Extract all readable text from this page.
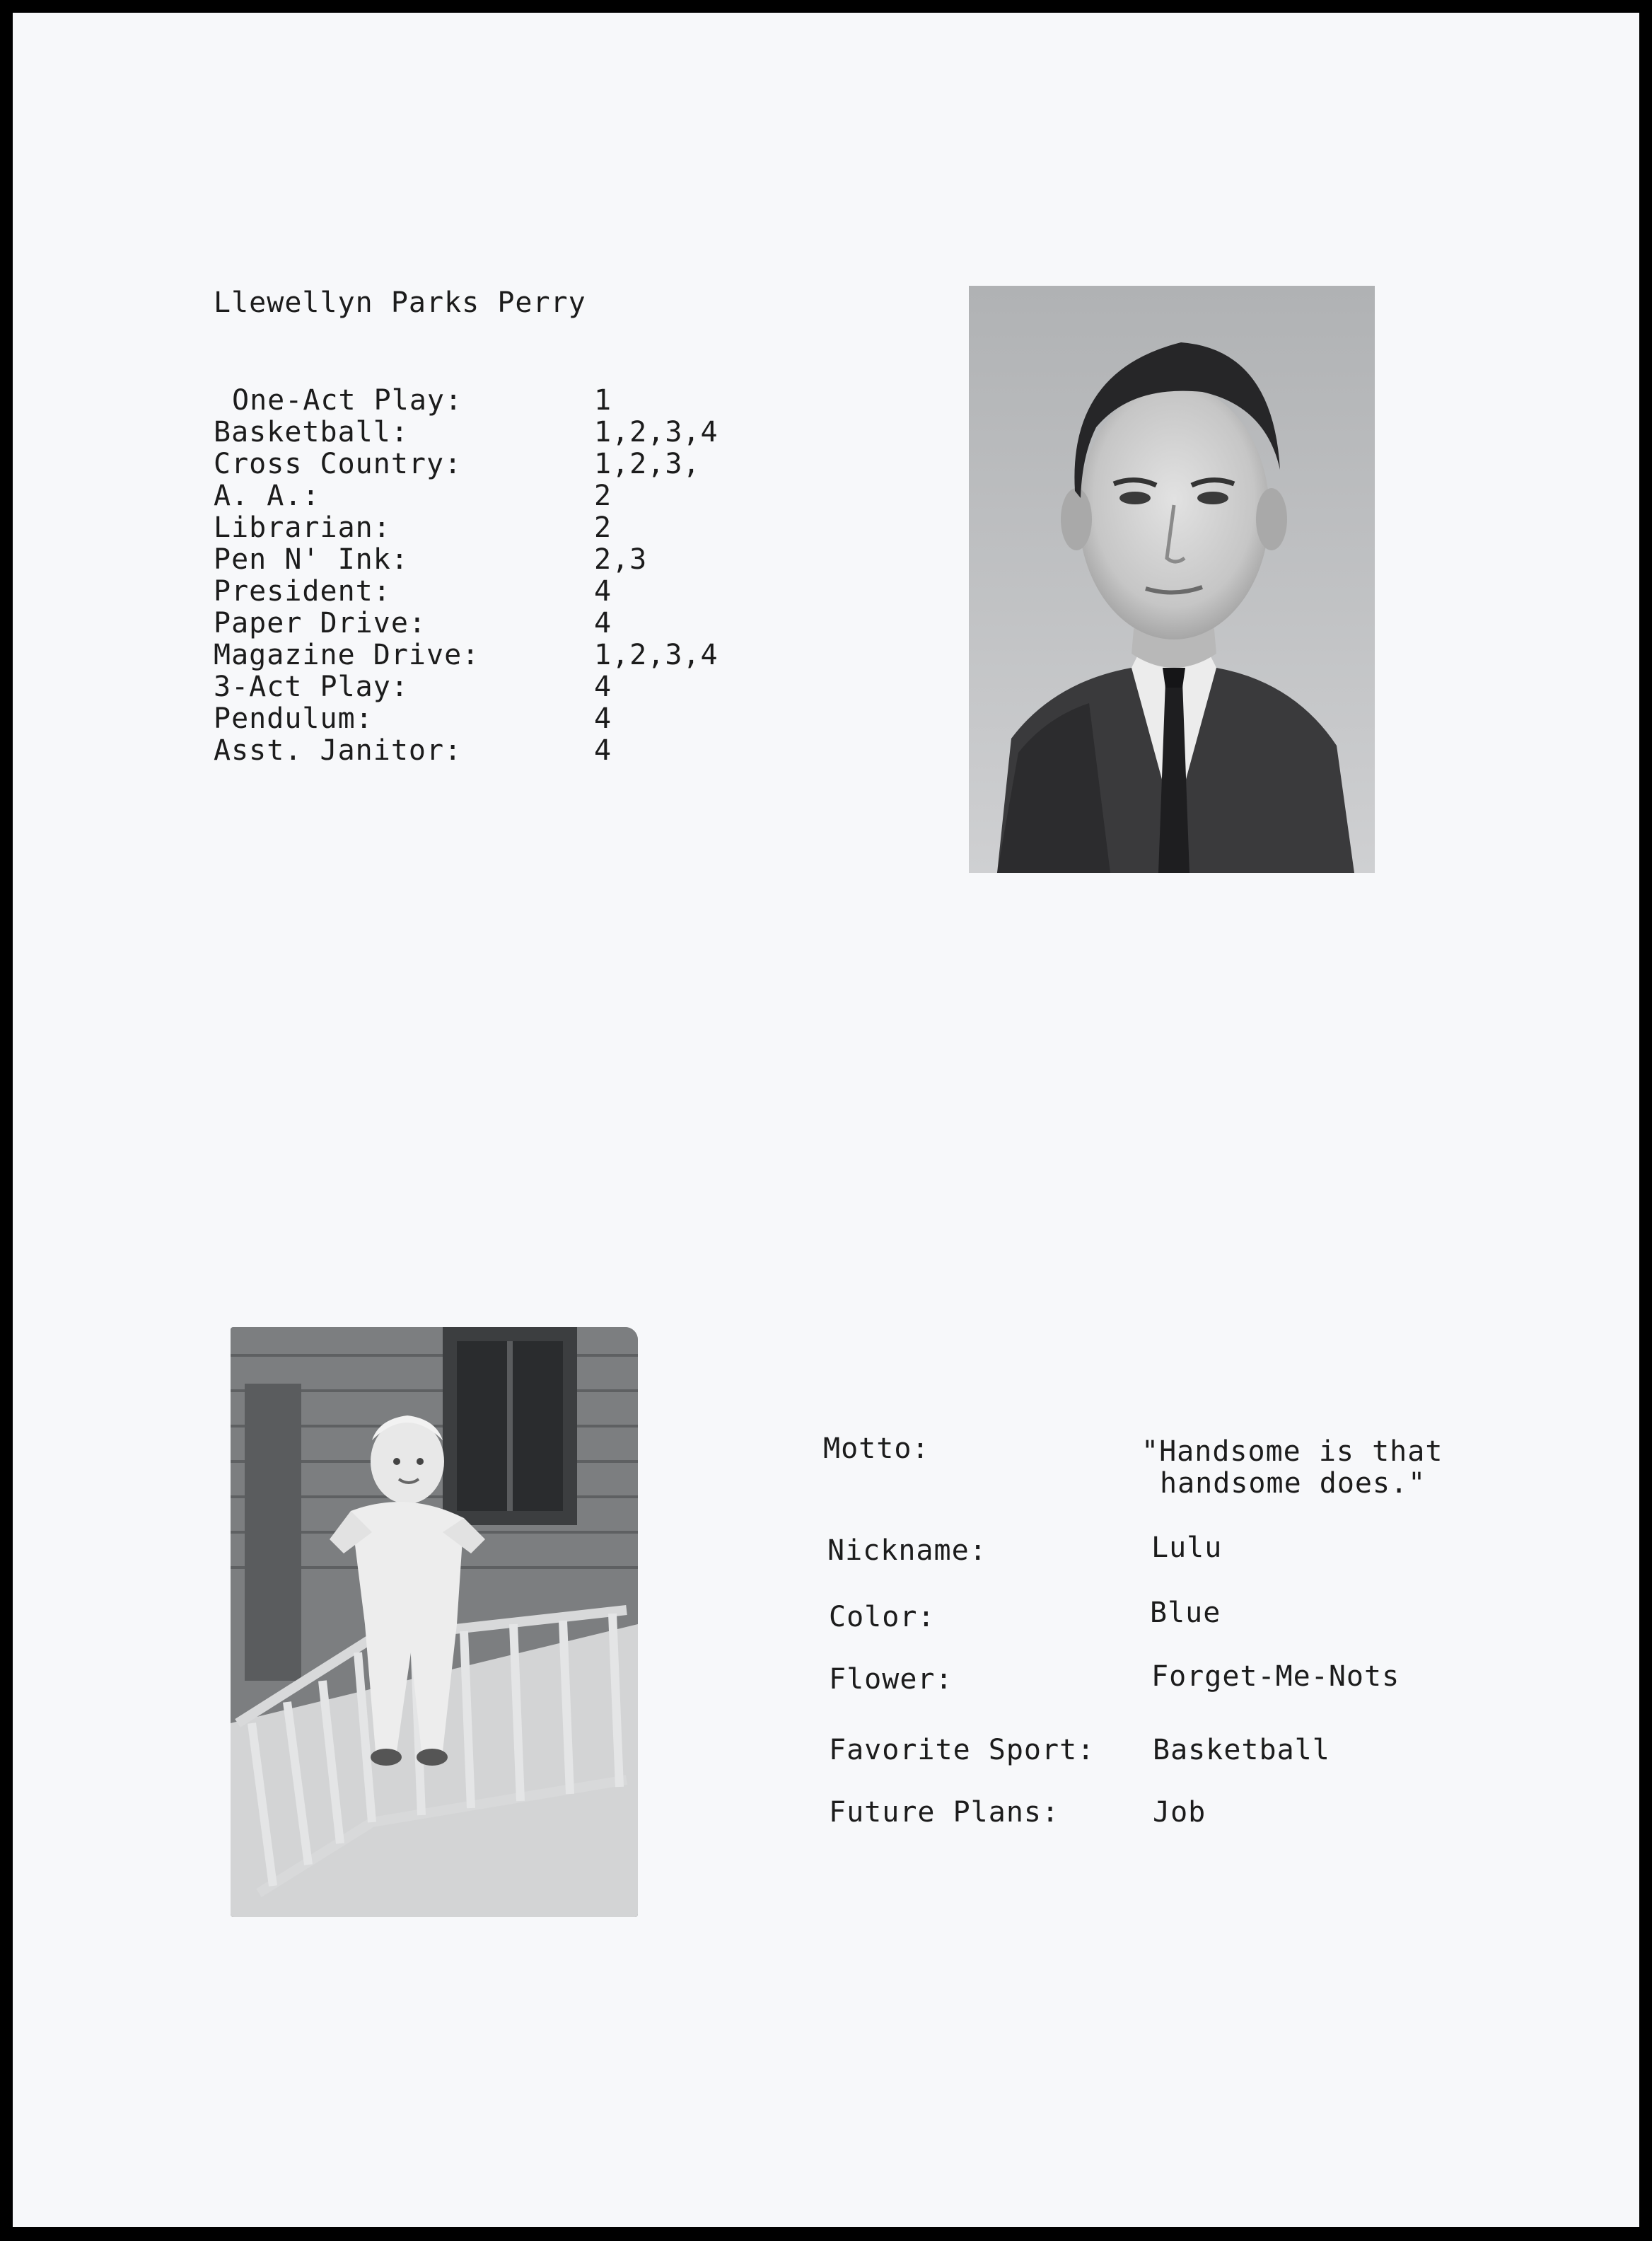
Llewellyn Parks Perry
One-Act Play:	1
Basketball:	1,2,3,4
Cross Country:	1,2,3,
A. A.:	2
Librarian:	2
Pen N' Ink:	2,3
President:	4
Paper Drive:	4
Magazine Drive:	1,2,3,4
3-Act Play:	4
Pendulum:	4
Asst. Janitor:	4
Motto:	"Handsome is that
handsome does."
Nickname:	Lulu
Color:	Blue
Flower:	Forget-Me-Nots
Favorite Sport: Basketball
Future Plans:	Job
